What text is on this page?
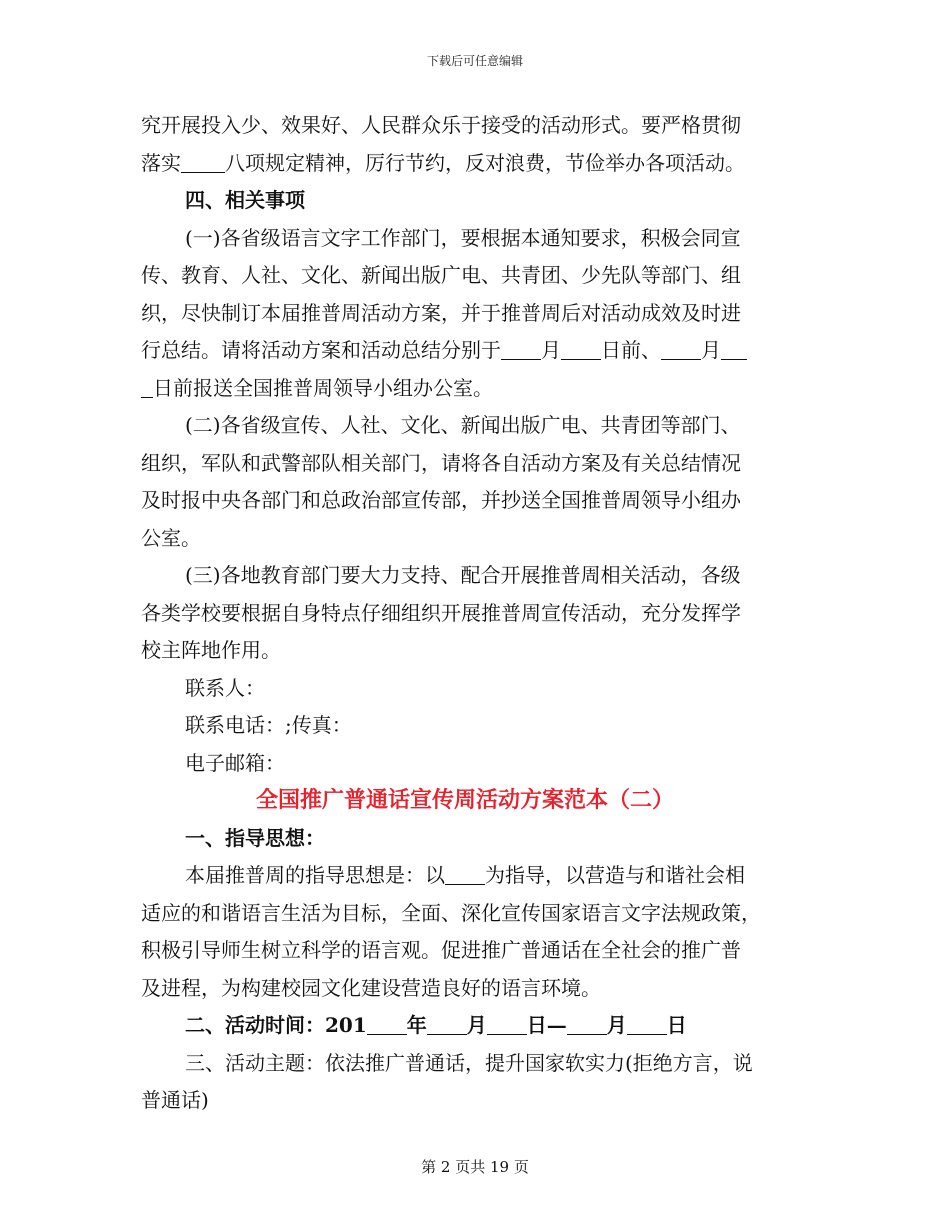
下载后可任意编辑
究开展投入少、效果好、人民群众乐于接受的活动形式。要严格贯彻
落实 八项规定精神，厉行节约，反对浪费，节俭举办各项活动。
四、相关事项
(一)各省级语言文字工作部门，要根据本通知要求，积极会同宣
传、教育、人社、文化、新闻出版广电、共青团、少先队等部门、组
织，尽快制订本届推普周活动方案，并于推普周后对活动成效及时进
行总结。请将活动方案和活动总结分别于 月 日前、 月
日前报送全国推普周领导小组办公室。
(二)各省级宣传、人社、文化、新闻出版广电、共青团等部门、
组织，军队和武警部队相关部门，请将各自活动方案及有关总结情况
及时报中央各部门和总政治部宣传部，并抄送全国推普周领导小组办
公室。
(三)各地教育部门要大力支持、配合开展推普周相关活动，各级
各类学校要根据自身特点仔细组织开展推普周宣传活动，充分发挥学
校主阵地作用。
联系人：
联系电话：;传真：
电子邮箱：
全国推广普通话宣传周活动方案范本（二）
一、指导思想：
本届推普周的指导思想是：以 为指导，以营造与和谐社会相
适应的和谐语言生活为目标，全面、深化宣传国家语言文字法规政策，
积极引导师生树立科学的语言观。促进推广普通话在全社会的推广普
及进程，为构建校园文化建设营造良好的语言环境。
二、活动时间：201 年 月 日— 月 日
三、活动主题：依法推广普通话，提升国家软实力(拒绝方言，说
普通话)
第 2 页共 19 页
